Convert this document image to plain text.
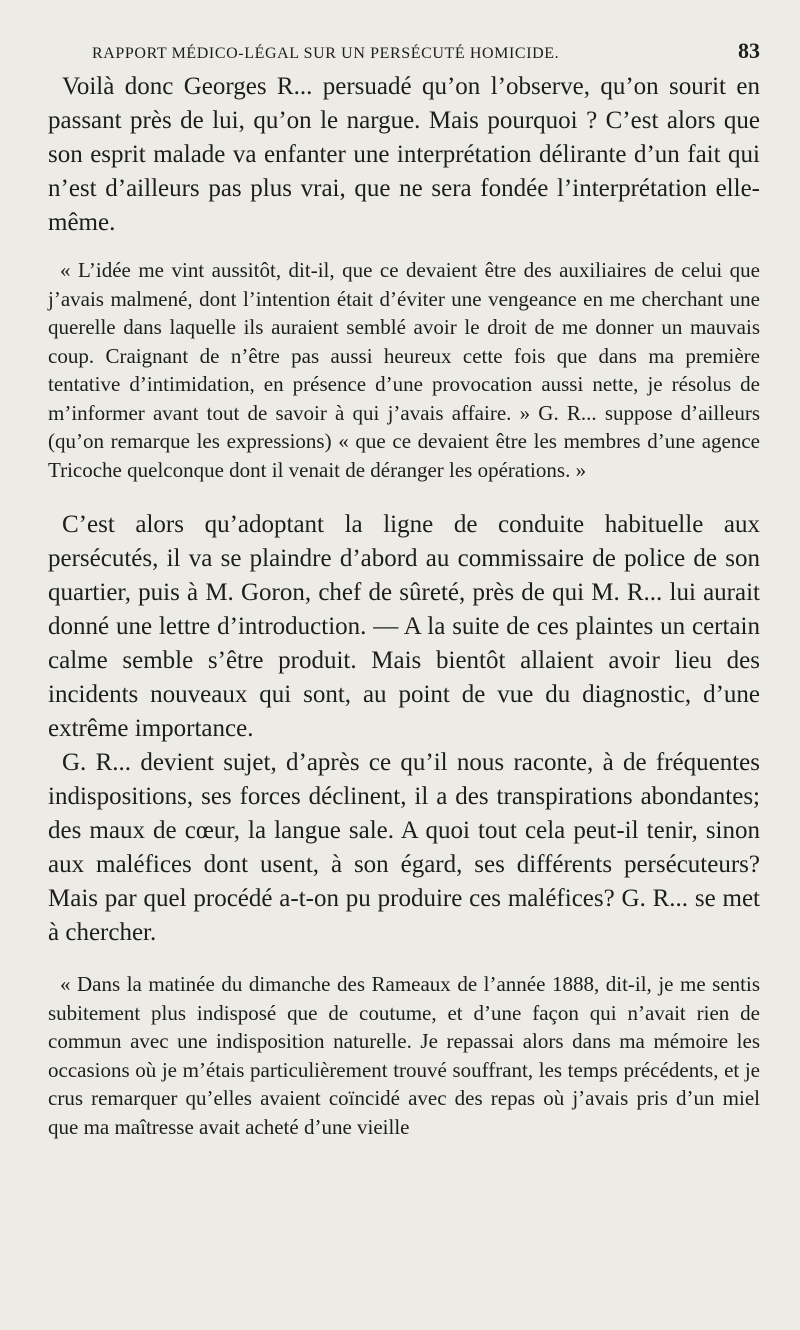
RAPPORT MÉDICO-LÉGAL SUR UN PERSÉCUTÉ HOMICIDE.	83

Voilà donc Georges R... persuadé qu’on l’observe, qu’on sourit en passant près de lui, qu’on le nargue. Mais pourquoi ? C’est alors que son esprit malade va enfanter une interprétation délirante d’un fait qui n’est d’ailleurs pas plus vrai, que ne sera fondée l’interprétation elle-même.

« L’idée me vint aussitôt, dit-il, que ce devaient être des auxiliaires de celui que j’avais malmené, dont l’intention était d’éviter une vengeance en me cherchant une querelle dans laquelle ils auraient semblé avoir le droit de me donner un mauvais coup. Craignant de n’être pas aussi heureux cette fois que dans ma première tentative d’intimidation, en présence d’une provocation aussi nette, je résolus de m’informer avant tout de savoir à qui j’avais affaire. » G. R... suppose d’ailleurs (qu’on remarque les expressions) « que ce devaient être les membres d’une agence Tricoche quelconque dont il venait de déranger les opérations. »

C’est alors qu’adoptant la ligne de conduite habituelle aux persécutés, il va se plaindre d’abord au commissaire de police de son quartier, puis à M. Goron, chef de sûreté, près de qui M. R... lui aurait donné une lettre d’introduction. — A la suite de ces plaintes un certain calme semble s’être produit. Mais bientôt allaient avoir lieu des incidents nouveaux qui sont, au point de vue du diagnostic, d’une extrême importance.

G. R... devient sujet, d’après ce qu’il nous raconte, à de fréquentes indispositions, ses forces déclinent, il a des transpirations abondantes; des maux de cœur, la langue sale. A quoi tout cela peut-il tenir, sinon aux maléfices dont usent, à son égard, ses différents persécuteurs? Mais par quel procédé a-t-on pu produire ces maléfices? G. R... se met à chercher.

« Dans la matinée du dimanche des Rameaux de l’année 1888, dit-il, je me sentis subitement plus indisposé que de coutume, et d’une façon qui n’avait rien de commun avec une indisposition naturelle. Je repassai alors dans ma mémoire les occasions où je m’étais particulièrement trouvé souffrant, les temps précédents, et je crus remarquer qu’elles avaient coïncidé avec des repas où j’avais pris d’un miel que ma maîtresse avait acheté d’une vieille
